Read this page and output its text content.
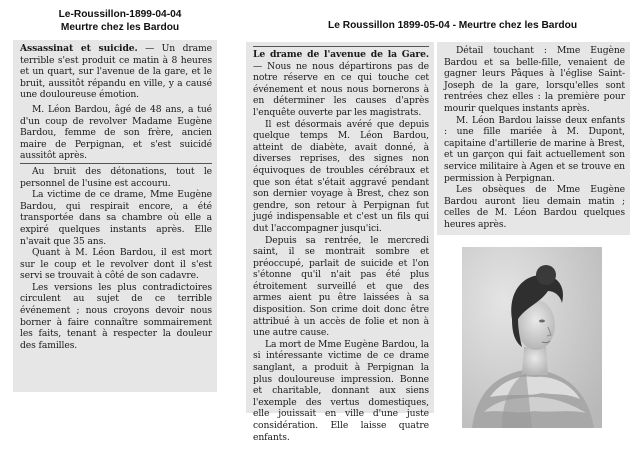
Le-Roussillon-1899-04-04
Meurtre chez les Bardou	Le Roussillon 1899-05-04 - Meurtre chez les Bardou

Assassinat et suicide. — Un drame terrible s'est produit ce matin à 8 heures et un quart, sur l'avenue de la gare, et le bruit, aussitôt répandu en ville, y a causé une douloureuse émotion.

M. Léon Bardou, âgé de 48 ans, a tué d'un coup de revolver Madame Eugène Bardou, femme de son frère, ancien maire de Perpignan, et s'est suicidé aussitôt après.

Au bruit des détonations, tout le personnel de l'usine est accouru.

La victime de ce drame, Mme Eugène Bardou, qui respirait encore, a été transportée dans sa chambre où elle a expiré quelques instants après. Elle n'avait que 35 ans.

Quant à M. Léon Bardou, il est mort sur le coup et le revolver dont il s'est servi se trouvait à côté de son cadavre.

Les versions les plus contradictoires circulent au sujet de ce terrible événement ; nous croyons devoir nous borner à faire connaître sommairement les faits, tenant à respecter la douleur des familles.

Le drame de l'avenue de la Gare. — Nous ne nous départirons pas de notre réserve en ce qui touche cet événement et nous nous bornerons à en déterminer les causes d'après l'enquête ouverte par les magistrats.

Il est désormais avéré que depuis quelque temps M. Léon Bardou, atteint de diabète, avait donné, à diverses reprises, des signes non équivoques de troubles cérébraux et que son état s'était aggravé pendant son dernier voyage à Brest, chez son gendre, son retour à Perpignan fut jugé indispensable et c'est un fils qui dut l'accompagner jusqu'ici.

Depuis sa rentrée, le mercredi saint, il se montrait sombre et préoccupé, parlait de suicide et l'on s'étonne qu'il n'ait pas été plus étroitement surveillé et que des armes aient pu être laissées à sa disposition. Son crime doit donc être attribué à un accès de folie et non à une autre cause.

La mort de Mme Eugène Bardou, la si intéressante victime de ce drame sanglant, a produit à Perpignan la plus douloureuse impression. Bonne et charitable, donnant aux siens l'exemple des vertus domestiques, elle jouissait en ville d'une juste considération. Elle laisse quatre enfants.

Détail touchant : Mme Eugène Bardou et sa belle-fille, venaient de gagner leurs Pâques à l'église Saint-Joseph de la gare, lorsqu'elles sont rentrées chez elles : la première pour mourir quelques instants après.

M. Léon Bardou laisse deux enfants : une fille mariée à M. Dupont, capitaine d'artillerie de marine à Brest, et un garçon qui fait actuellement son service militaire à Agen et se trouve en permission à Perpignan.

Les obsèques de Mme Eugène Bardou auront lieu demain matin ; celles de M. Léon Bardou quelques heures après.
